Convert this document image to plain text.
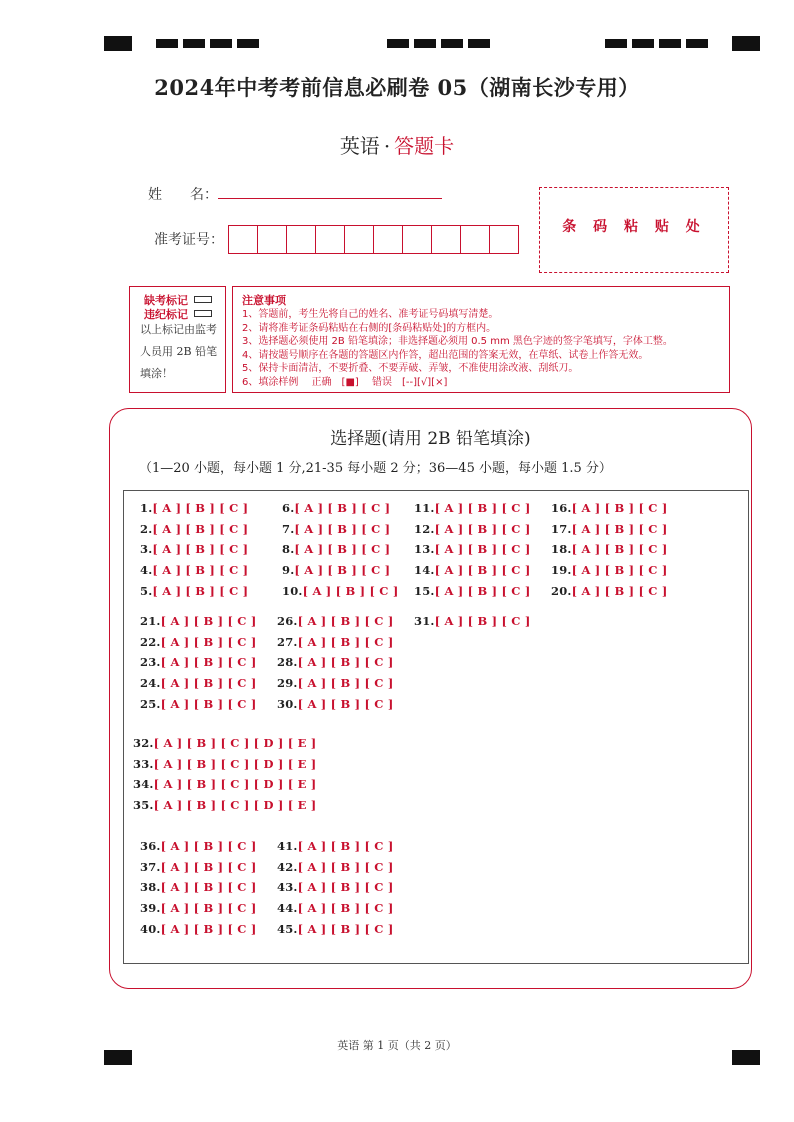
2024年中考考前信息必刷卷 05（湖南长沙专用）
英语 · 答题卡
姓　　名：
准考证号：
条 码 粘 贴 处
缺考标记
违纪标记
以上标记由监考人员用 2B 铅笔填涂！
注意事项
1、答题前，考生先将自己的姓名、准考证号码填写清楚。
2、请将准考证条码粘贴在右侧的[条码粘贴处]的方框内。
3、选择题必须使用 2B 铅笔填涂；非选择题必须用 0.5 mm 黑色字迹的签字笔填写，字体工整。
4、请按题号顺序在各题的答题区内作答，超出范围的答案无效，在草纸、试卷上作答无效。
5、保持卡面清洁，不要折叠、不要弄破、弄皱，不准使用涂改液、刮纸刀。
6、填涂样例　 正确　[■]　 错误　[--][√][×]
选择题(请用 2B 铅笔填涂)
（1—20 小题，每小题 1 分,21-35 每小题 2 分；36—45 小题，每小题 1.5 分）
1.[ A ] [ B ] [ C ]
2.[ A ] [ B ] [ C ]
3.[ A ] [ B ] [ C ]
4.[ A ] [ B ] [ C ]
5.[ A ] [ B ] [ C ]
6.[ A ] [ B ] [ C ]
7.[ A ] [ B ] [ C ]
8.[ A ] [ B ] [ C ]
9.[ A ] [ B ] [ C ]
10.[ A ] [ B ] [ C ]
11.[ A ] [ B ] [ C ]
12.[ A ] [ B ] [ C ]
13.[ A ] [ B ] [ C ]
14.[ A ] [ B ] [ C ]
15.[ A ] [ B ] [ C ]
16.[ A ] [ B ] [ C ]
17.[ A ] [ B ] [ C ]
18.[ A ] [ B ] [ C ]
19.[ A ] [ B ] [ C ]
20.[ A ] [ B ] [ C ]
21.[ A ] [ B ] [ C ]
22.[ A ] [ B ] [ C ]
23.[ A ] [ B ] [ C ]
24.[ A ] [ B ] [ C ]
25.[ A ] [ B ] [ C ]
26.[ A ] [ B ] [ C ]
27.[ A ] [ B ] [ C ]
28.[ A ] [ B ] [ C ]
29.[ A ] [ B ] [ C ]
30.[ A ] [ B ] [ C ]
31.[ A ] [ B ] [ C ]
32.[ A ] [ B ] [ C ] [ D ] [ E ]
33.[ A ] [ B ] [ C ] [ D ] [ E ]
34.[ A ] [ B ] [ C ] [ D ] [ E ]
35.[ A ] [ B ] [ C ] [ D ] [ E ]
36.[ A ] [ B ] [ C ]
37.[ A ] [ B ] [ C ]
38.[ A ] [ B ] [ C ]
39.[ A ] [ B ] [ C ]
40.[ A ] [ B ] [ C ]
41.[ A ] [ B ] [ C ]
42.[ A ] [ B ] [ C ]
43.[ A ] [ B ] [ C ]
44.[ A ] [ B ] [ C ]
45.[ A ] [ B ] [ C ]
英语 第 1 页（共 2 页）
